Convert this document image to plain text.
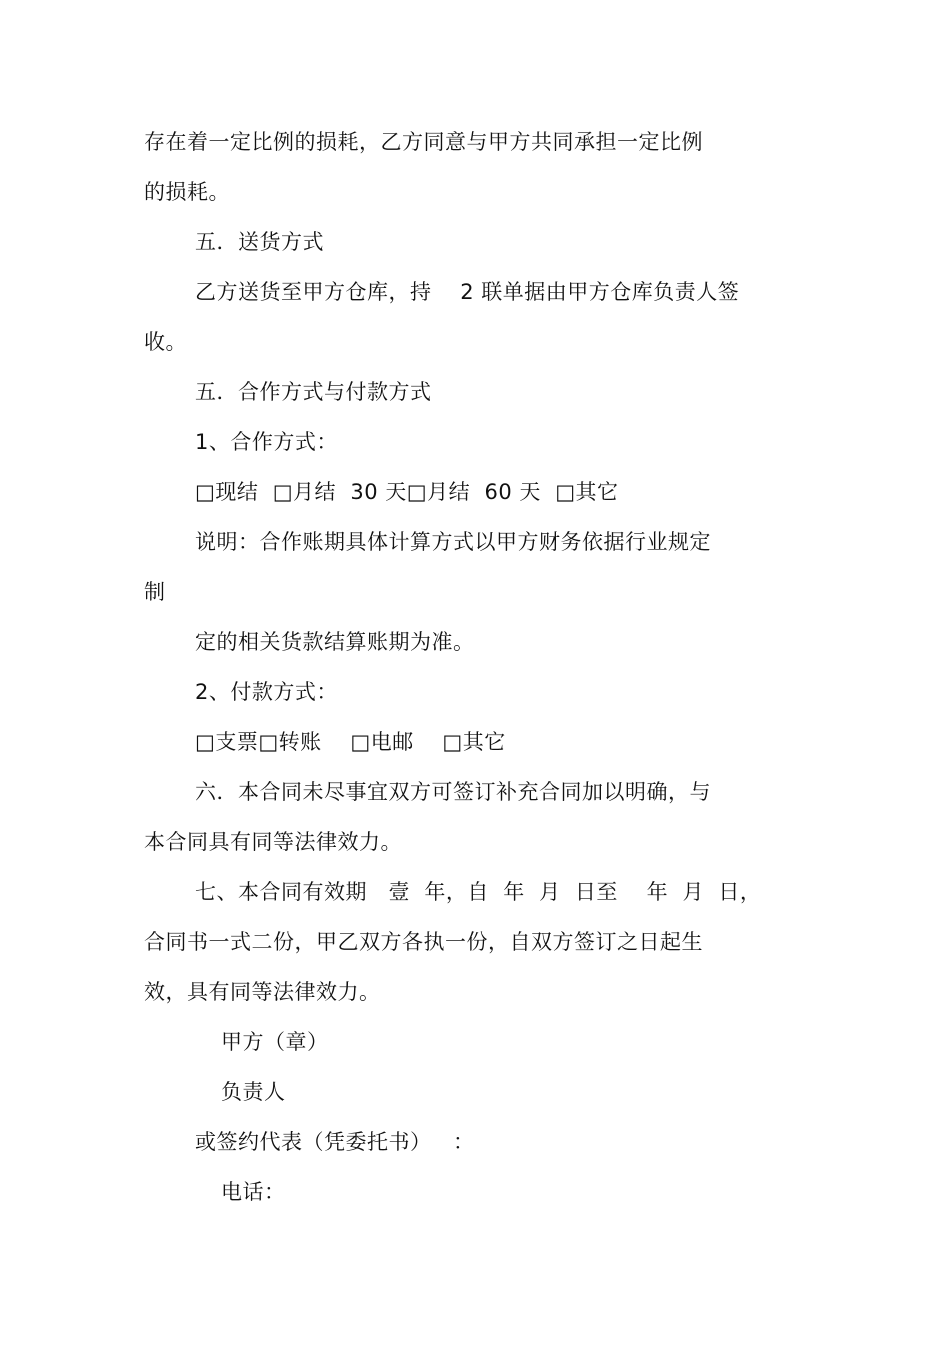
存在着一定比例的损耗，乙方同意与甲方共同承担一定比例
的损耗。
五．送货方式
乙方送货至甲方仓库，持    2 联单据由甲方仓库负责人签
收。
五．合作方式与付款方式
1、合作方式：
□现结  □月结  30 天□月结  60 天  □其它
说明：合作账期具体计算方式以甲方财务依据行业规定
制
定的相关货款结算账期为准。
2、付款方式：
□支票□转账    □电邮    □其它
六．本合同未尽事宜双方可签订补充合同加以明确，与
本合同具有同等法律效力。
七、本合同有效期   壹  年，自  年  月  日至    年  月  日，
合同书一式二份，甲乙双方各执一份，自双方签订之日起生
效，具有同等法律效力。
甲方（章）
负责人
或签约代表（凭委托书）   ：
电话：
